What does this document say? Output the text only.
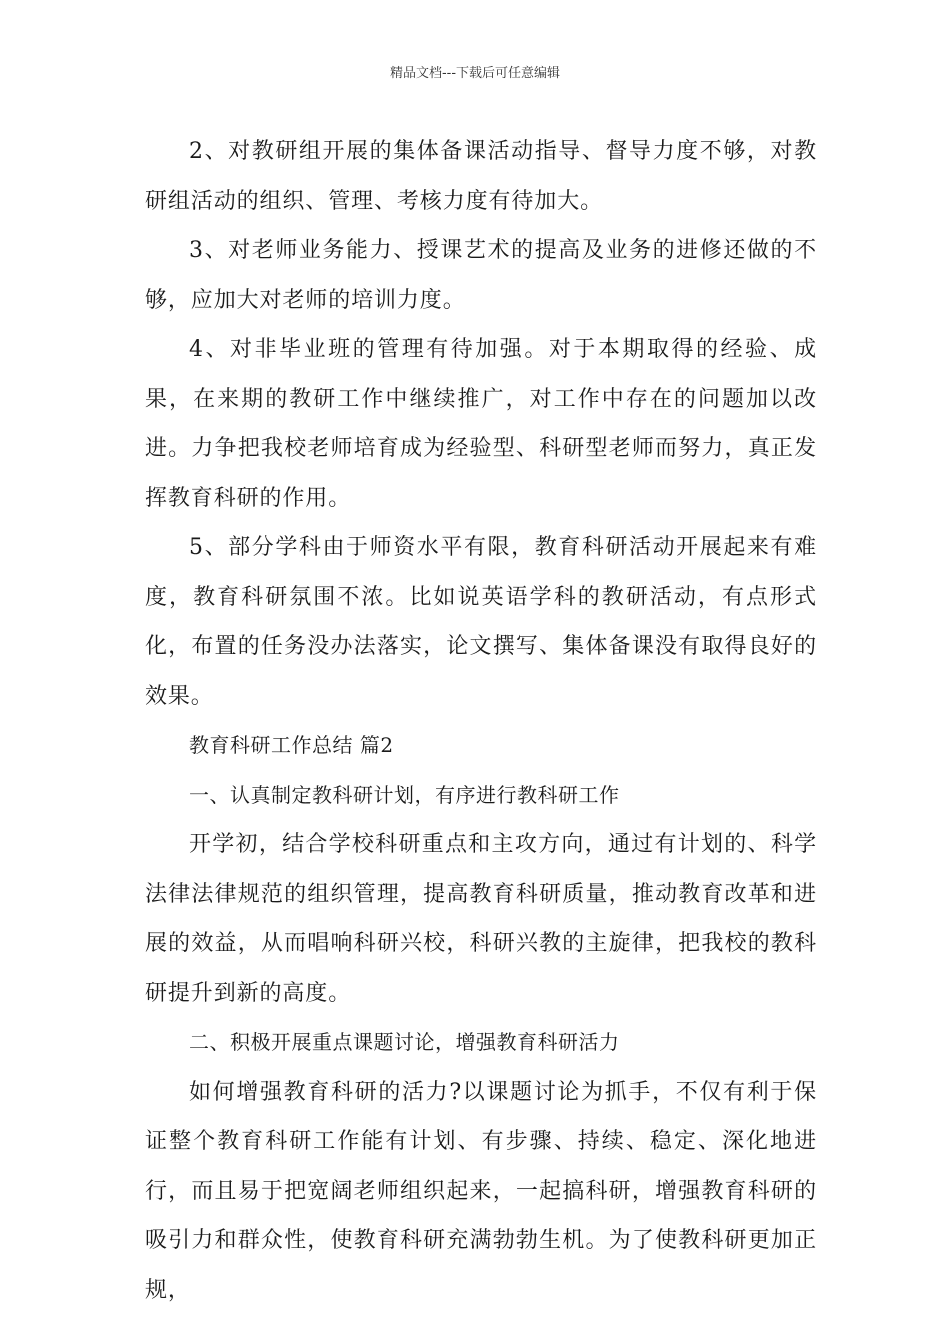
精品文档---下载后可任意编辑

2、对教研组开展的集体备课活动指导、督导力度不够，对教研组活动的组织、管理、考核力度有待加大。

3、对老师业务能力、授课艺术的提高及业务的进修还做的不够，应加大对老师的培训力度。

4、对非毕业班的管理有待加强。对于本期取得的经验、成果，在来期的教研工作中继续推广，对工作中存在的问题加以改进。力争把我校老师培育成为经验型、科研型老师而努力，真正发挥教育科研的作用。

5、部分学科由于师资水平有限，教育科研活动开展起来有难度，教育科研氛围不浓。比如说英语学科的教研活动，有点形式化，布置的任务没办法落实，论文撰写、集体备课没有取得良好的效果。

教育科研工作总结 篇2

一、认真制定教科研计划，有序进行教科研工作

开学初，结合学校科研重点和主攻方向，通过有计划的、科学法律法律规范的组织管理，提高教育科研质量，推动教育改革和进展的效益，从而唱响科研兴校，科研兴教的主旋律，把我校的教科研提升到新的高度。

二、积极开展重点课题讨论，增强教育科研活力

如何增强教育科研的活力?以课题讨论为抓手，不仅有利于保证整个教育科研工作能有计划、有步骤、持续、稳定、深化地进行，而且易于把宽阔老师组织起来，一起搞科研，增强教育科研的吸引力和群众性，使教育科研充满勃勃生机。为了使教科研更加正规，
